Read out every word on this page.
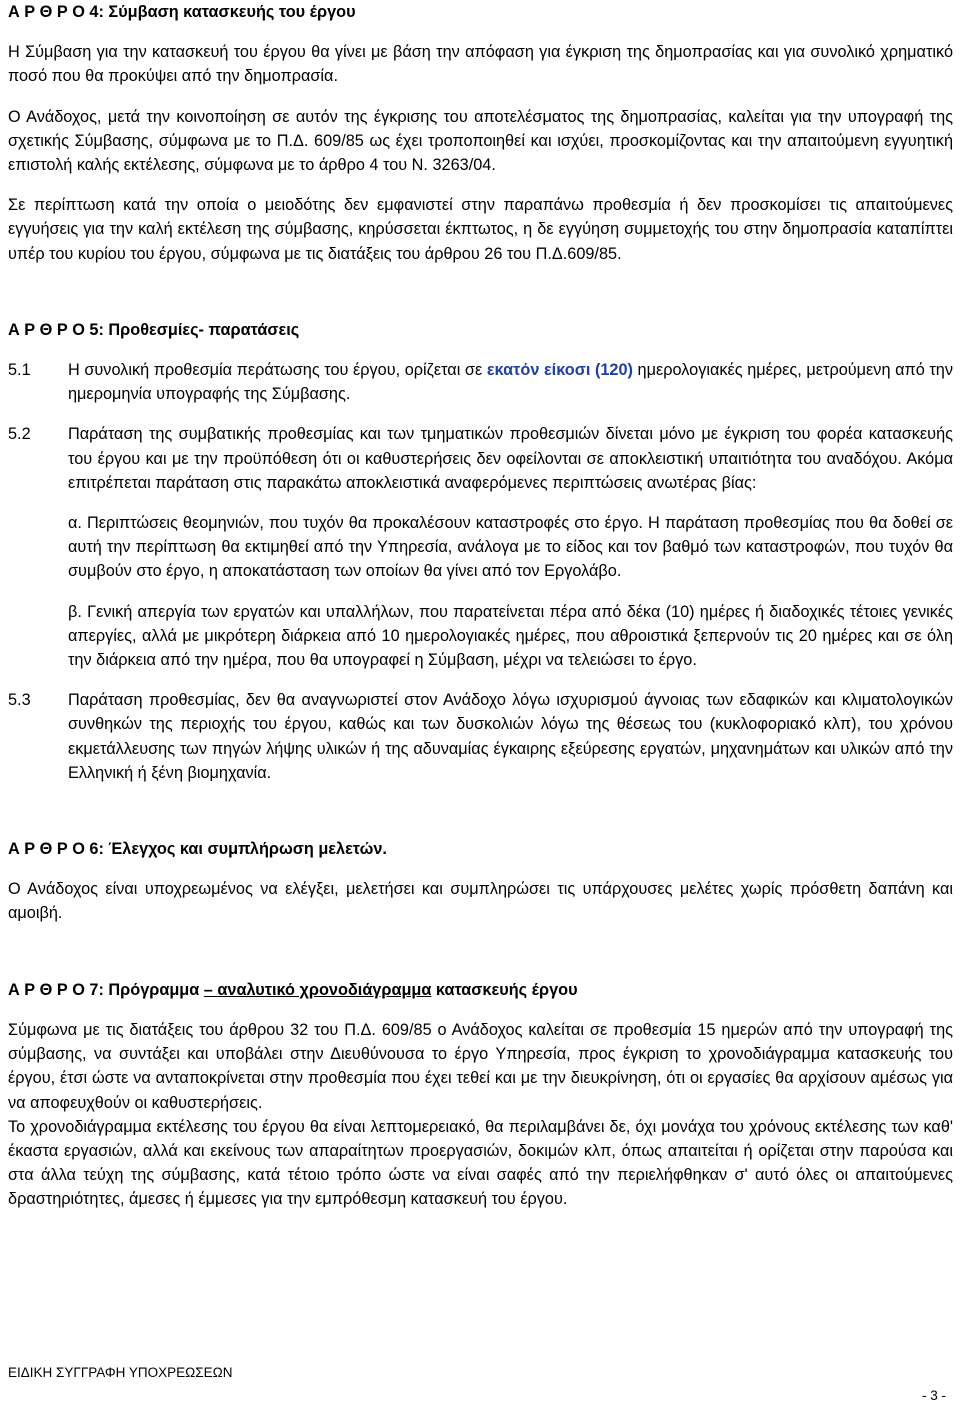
Α Ρ Θ Ρ Ο 4: Σύμβαση κατασκευής του έργου

Η Σύμβαση για την κατασκευή του έργου θα γίνει με βάση την απόφαση για έγκριση της δημοπρασίας και για συνολικό χρηματικό ποσό που θα προκύψει από την δημοπρασία.

Ο Ανάδοχος, μετά την κοινοποίηση σε αυτόν της έγκρισης του αποτελέσματος της δημοπρασίας, καλείται για την υπογραφή της σχετικής Σύμβασης, σύμφωνα με το Π.Δ. 609/85 ως έχει τροποποιηθεί και ισχύει, προσκομίζοντας και την απαιτούμενη εγγυητική επιστολή καλής εκτέλεσης, σύμφωνα με το άρθρο 4 του Ν. 3263/04.

Σε περίπτωση κατά την οποία ο μειοδότης δεν εμφανιστεί στην παραπάνω προθεσμία ή δεν προσκομίσει τις απαιτούμενες εγγυήσεις για την καλή εκτέλεση της σύμβασης, κηρύσσεται έκπτωτος, η δε εγγύηση συμμετοχής του στην δημοπρασία καταπίπτει υπέρ του κυρίου του έργου, σύμφωνα με τις διατάξεις του άρθρου 26 του Π.Δ.609/85.

Α Ρ Θ Ρ Ο 5: Προθεσμίες- παρατάσεις

5.1	Η συνολική προθεσμία περάτωσης του έργου, ορίζεται σε εκατόν είκοσι (120) ημερολογιακές ημέρες, μετρούμενη από την ημερομηνία υπογραφής της Σύμβασης.
5.2	Παράταση της συμβατικής προθεσμίας και των τμηματικών προθεσμιών δίνεται μόνο με έγκριση του φορέα κατασκευής του έργου και με την προϋπόθεση ότι οι καθυστερήσεις δεν οφείλονται σε αποκλειστική υπαιτιότητα του αναδόχου. Ακόμα επιτρέπεται παράταση στις παρακάτω αποκλειστικά αναφερόμενες περιπτώσεις ανωτέρας βίας:

α. Περιπτώσεις θεομηνιών, που τυχόν θα προκαλέσουν καταστροφές στο έργο. Η παράταση προθεσμίας που θα δοθεί σε αυτή την περίπτωση θα εκτιμηθεί από την Υπηρεσία, ανάλογα με το είδος και τον βαθμό των καταστροφών, που τυχόν θα συμβούν στο έργο, η αποκατάσταση των οποίων θα γίνει από τον Εργολάβο.

β. Γενική απεργία των εργατών και υπαλλήλων, που παρατείνεται πέρα από δέκα (10) ημέρες ή διαδοχικές τέτοιες γενικές απεργίες, αλλά με μικρότερη διάρκεια από 10 ημερολογιακές ημέρες, που αθροιστικά ξεπερνούν τις 20 ημέρες και σε όλη την διάρκεια από την ημέρα, που θα υπογραφεί η Σύμβαση, μέχρι να τελειώσει το έργο.

5.3	Παράταση προθεσμίας, δεν θα αναγνωριστεί στον Ανάδοχο λόγω ισχυρισμού άγνοιας των εδαφικών και κλιματολογικών συνθηκών της περιοχής του έργου, καθώς και των δυσκολιών λόγω της θέσεως του (κυκλοφοριακό κλπ), του χρόνου εκμετάλλευσης των πηγών λήψης υλικών ή της αδυναμίας έγκαιρης εξεύρεσης εργατών, μηχανημάτων και υλικών από την Ελληνική ή ξένη βιομηχανία.

Α Ρ Θ Ρ Ο 6: Έλεγχος και συμπλήρωση μελετών.

Ο Ανάδοχος είναι υποχρεωμένος να ελέγξει, μελετήσει και συμπληρώσει τις υπάρχουσες μελέτες χωρίς πρόσθετη δαπάνη και αμοιβή.

Α Ρ Θ Ρ Ο 7: Πρόγραμμα – αναλυτικό χρονοδιάγραμμα κατασκευής έργου

Σύμφωνα με τις διατάξεις του άρθρου 32 του Π.Δ. 609/85 ο Ανάδοχος καλείται σε προθεσμία 15 ημερών από την υπογραφή της σύμβασης, να συντάξει και υποβάλει στην Διευθύνουσα το έργο Υπηρεσία, προς έγκριση το χρονοδιάγραμμα κατασκευής του έργου, έτσι ώστε να ανταποκρίνεται στην προθεσμία που έχει τεθεί και με την διευκρίνηση, ότι οι εργασίες θα αρχίσουν αμέσως για να αποφευχθούν οι καθυστερήσεις.

Το χρονοδιάγραμμα εκτέλεσης του έργου θα είναι λεπτομερειακό, θα περιλαμβάνει δε, όχι μονάχα του χρόνους εκτέλεσης των καθ' έκαστα εργασιών, αλλά και εκείνους των απαραίτητων προεργασιών, δοκιμών κλπ, όπως απαιτείται ή ορίζεται στην παρούσα και στα άλλα τεύχη της σύμβασης, κατά τέτοιο τρόπο ώστε να είναι σαφές από την περιελήφθηκαν σ' αυτό όλες οι απαιτούμενες δραστηριότητες, άμεσες ή έμμεσες για την εμπρόθεσμη κατασκευή του έργου.

ΕΙΔΙΚΗ ΣΥΓΓΡΑΦΗ ΥΠΟΧΡΕΩΣΕΩΝ
- 3 -
